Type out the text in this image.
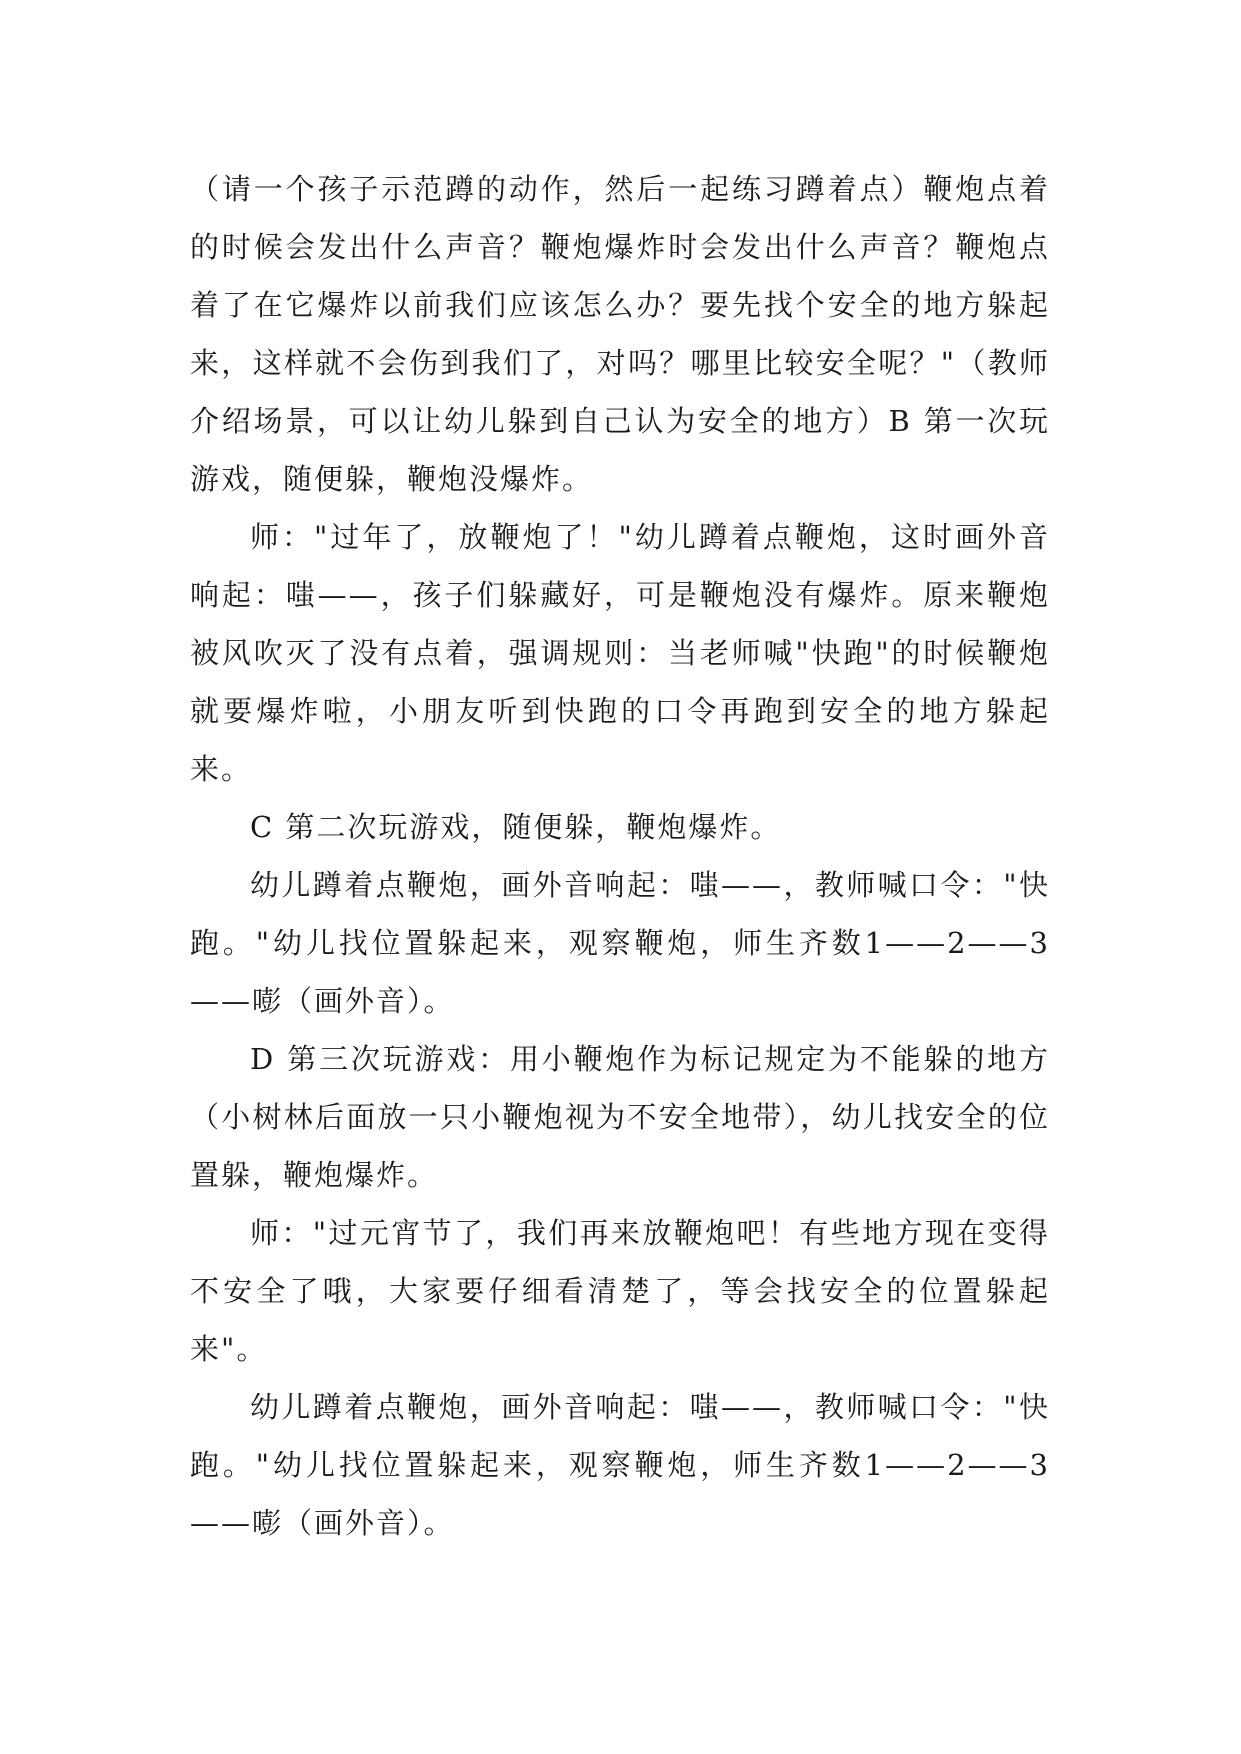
（请一个孩子示范蹲的动作，然后一起练习蹲着点）鞭炮点着的时候会发出什么声音？鞭炮爆炸时会发出什么声音？鞭炮点着了在它爆炸以前我们应该怎么办？要先找个安全的地方躲起来，这样就不会伤到我们了，对吗？哪里比较安全呢？"（教师介绍场景，可以让幼儿躲到自己认为安全的地方）B 第一次玩游戏，随便躲，鞭炮没爆炸。

师："过年了，放鞭炮了！"幼儿蹲着点鞭炮，这时画外音响起：嗤——，孩子们躲藏好，可是鞭炮没有爆炸。原来鞭炮被风吹灭了没有点着，强调规则：当老师喊"快跑"的时候鞭炮就要爆炸啦，小朋友听到快跑的口令再跑到安全的地方躲起来。

C 第二次玩游戏，随便躲，鞭炮爆炸。

幼儿蹲着点鞭炮，画外音响起：嗤——，教师喊口令："快跑。"幼儿找位置躲起来，观察鞭炮，师生齐数1——2——3——嘭（画外音）。

D 第三次玩游戏：用小鞭炮作为标记规定为不能躲的地方（小树林后面放一只小鞭炮视为不安全地带），幼儿找安全的位置躲，鞭炮爆炸。

师："过元宵节了，我们再来放鞭炮吧！有些地方现在变得不安全了哦，大家要仔细看清楚了，等会找安全的位置躲起来"。

幼儿蹲着点鞭炮，画外音响起：嗤——，教师喊口令："快跑。"幼儿找位置躲起来，观察鞭炮，师生齐数1——2——3——嘭（画外音）。
